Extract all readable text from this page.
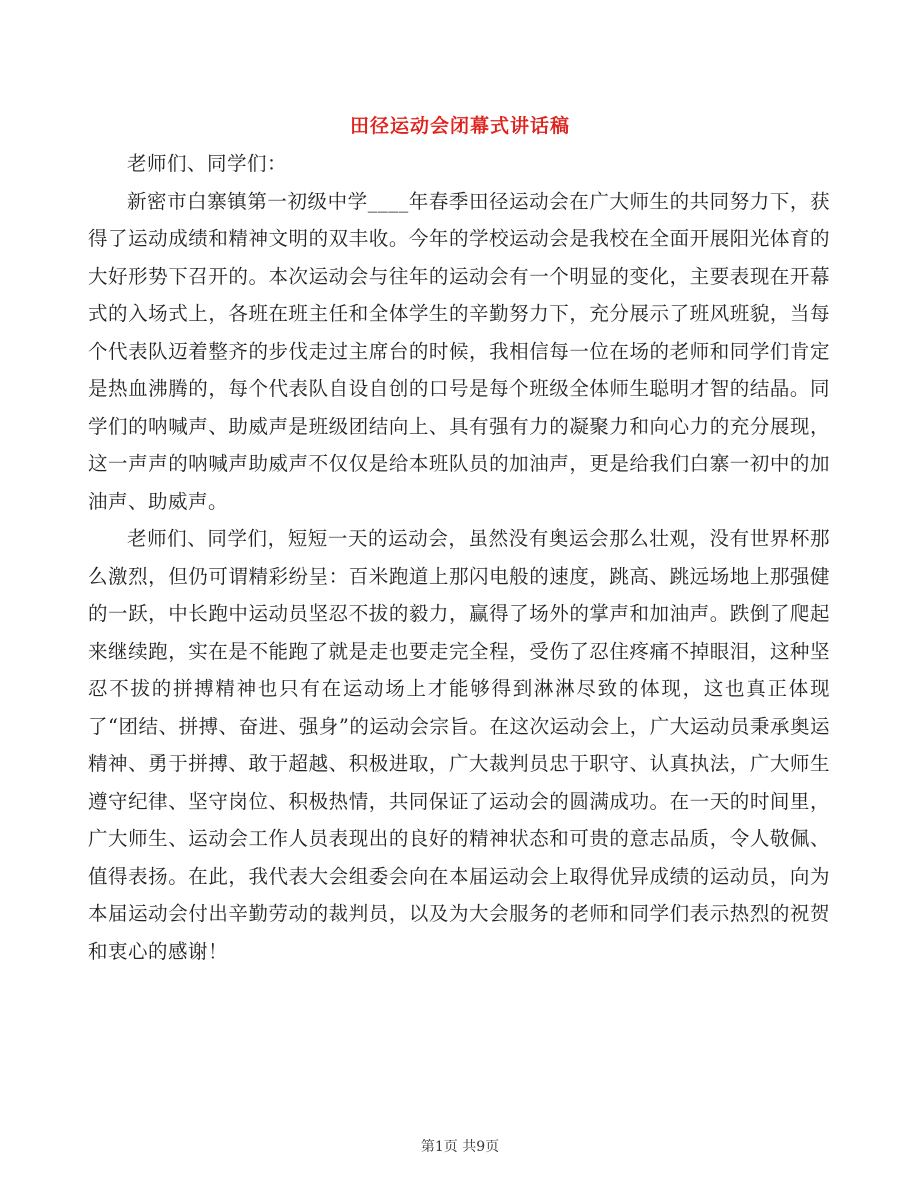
田径运动会闭幕式讲话稿

老师们、同学们：

新密市白寨镇第一初级中学____年春季田径运动会在广大师生的共同努力下，获得了运动成绩和精神文明的双丰收。今年的学校运动会是我校在全面开展阳光体育的大好形势下召开的。本次运动会与往年的运动会有一个明显的变化，主要表现在开幕式的入场式上，各班在班主任和全体学生的辛勤努力下，充分展示了班风班貌，当每个代表队迈着整齐的步伐走过主席台的时候，我相信每一位在场的老师和同学们肯定是热血沸腾的，每个代表队自设自创的口号是每个班级全体师生聪明才智的结晶。同学们的呐喊声、助威声是班级团结向上、具有强有力的凝聚力和向心力的充分展现，这一声声的呐喊声助威声不仅仅是给本班队员的加油声，更是给我们白寨一初中的加油声、助威声。

老师们、同学们，短短一天的运动会，虽然没有奥运会那么壮观，没有世界杯那么激烈，但仍可谓精彩纷呈：百米跑道上那闪电般的速度，跳高、跳远场地上那强健的一跃，中长跑中运动员坚忍不拔的毅力，赢得了场外的掌声和加油声。跌倒了爬起来继续跑，实在是不能跑了就是走也要走完全程，受伤了忍住疼痛不掉眼泪，这种坚忍不拔的拼搏精神也只有在运动场上才能够得到淋淋尽致的体现，这也真正体现了“团结、拼搏、奋进、强身”的运动会宗旨。在这次运动会上，广大运动员秉承奥运精神、勇于拼搏、敢于超越、积极进取，广大裁判员忠于职守、认真执法，广大师生遵守纪律、坚守岗位、积极热情，共同保证了运动会的圆满成功。在一天的时间里，广大师生、运动会工作人员表现出的良好的精神状态和可贵的意志品质，令人敬佩、值得表扬。在此，我代表大会组委会向在本届运动会上取得优异成绩的运动员，向为本届运动会付出辛勤劳动的裁判员，以及为大会服务的老师和同学们表示热烈的祝贺和衷心的感谢！

第1页 共9页
